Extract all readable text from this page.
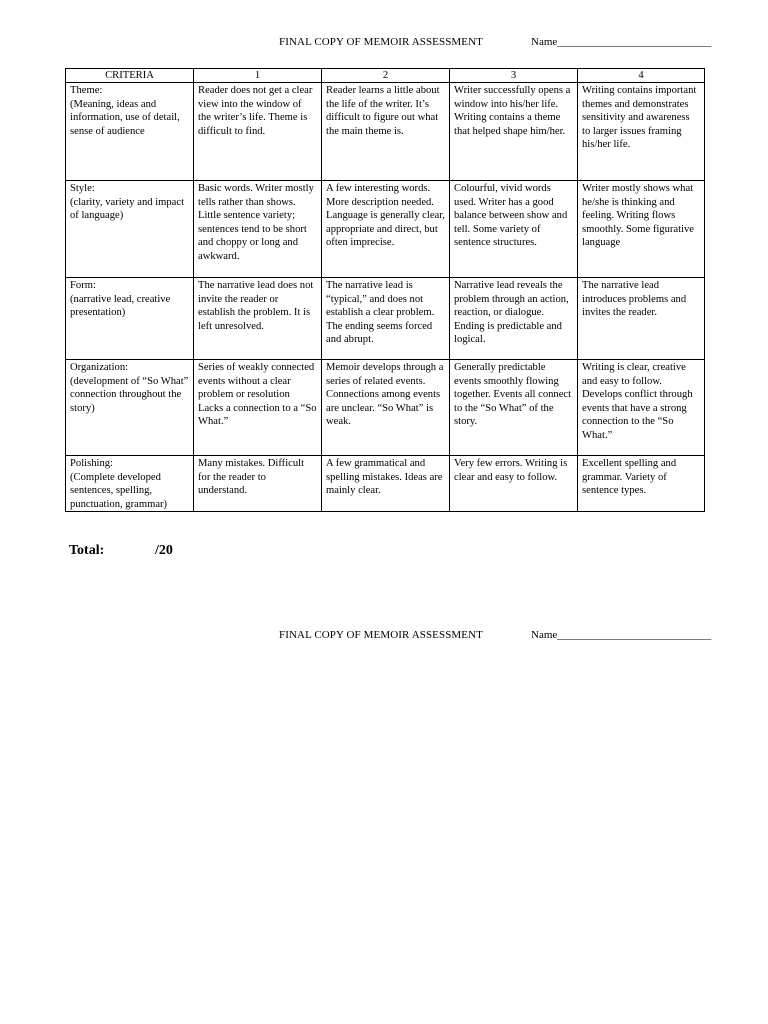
FINAL COPY OF MEMOIR ASSESSMENT	Name____________________________
CRITERIA	1	2	3	4

Theme:
(Meaning, ideas and information, use of detail, sense of audience	Reader does not get a clear view into the window of the writer’s life. Theme is difficult to find.	Reader learns a little about the life of the writer. It’s difficult to figure out what the main theme is.	Writer successfully opens a window into his/her life. Writing contains a theme that helped shape him/her.	Writing contains important themes and demonstrates sensitivity and awareness to larger issues framing his/her life.

Style:
(clarity, variety and impact of language)	Basic words. Writer mostly tells rather than shows. Little sentence variety; sentences tend to be short and choppy or long and awkward.	A few interesting words. More description needed. Language is generally clear, appropriate and direct, but often imprecise.	Colourful, vivid words used. Writer has a good balance between show and tell. Some variety of sentence structures.	Writer mostly shows what he/she is thinking and feeling. Writing flows smoothly. Some figurative language

Form:
(narrative lead, creative presentation)	The narrative lead does not invite the reader or establish the problem. It is left unresolved.	The narrative lead is “typical,” and does not establish a clear problem. The ending seems forced and abrupt.	Narrative lead reveals the problem through an action, reaction, or dialogue. Ending is predictable and logical.	The narrative lead introduces problems and invites the reader.

Organization:
(development of “So What” connection throughout the story)	Series of weakly connected events without a clear problem or resolution Lacks a connection to a “So What.”	Memoir develops through a series of related events. Connections among events are unclear. “So What” is weak.	Generally predictable events smoothly flowing together. Events all connect to the “So What” of the story.	Writing is clear, creative and easy to follow. Develops conflict through events that have a strong connection to the “So What.”

Polishing:
(Complete developed sentences, spelling, punctuation, grammar)	Many mistakes. Difficult for the reader to understand.	A few grammatical and spelling mistakes. Ideas are mainly clear.	Very few errors. Writing is clear and easy to follow.	Excellent spelling and grammar. Variety of sentence types.
Total:	/20
FINAL COPY OF MEMOIR ASSESSMENT	Name____________________________
